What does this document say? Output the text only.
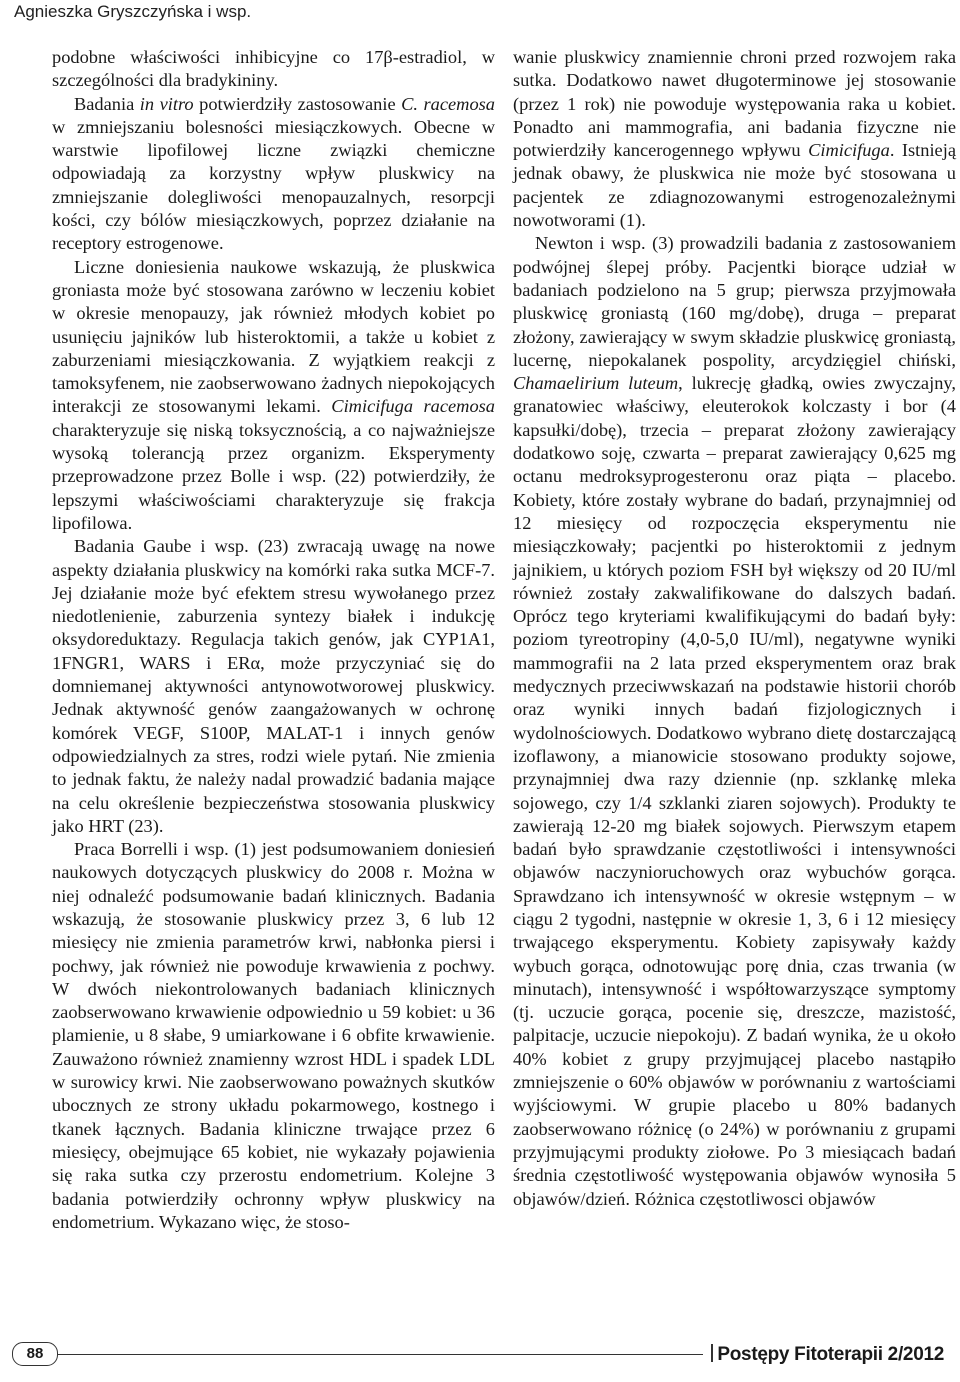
Agnieszka Gryszczyńska i wsp.

podobne właściwości inhibicyjne co 17β-estradiol, w szczególności dla bradykininy.

Badania in vitro potwierdziły zastosowanie C. racemosa w zmniejszaniu bolesności miesiączkowych. Obecne w warstwie lipofilowej liczne związki chemiczne odpowiadają za korzystny wpływ pluskwicy na zmniejszanie dolegliwości menopauzalnych, resorpcji kości, czy bólów miesiączkowych, poprzez działanie na receptory estrogenowe.

Liczne doniesienia naukowe wskazują, że pluskwica groniasta może być stosowana zarówno w leczeniu kobiet w okresie menopauzy, jak również młodych kobiet po usunięciu jajników lub histeroktomii, a także u kobiet z zaburzeniami miesiączkowania. Z wyjątkiem reakcji z tamoksyfenem, nie zaobserwowano żadnych niepokojących interakcji ze stosowanymi lekami. Cimicifuga racemosa charakteryzuje się niską toksycznością, a co najważniejsze wysoką tolerancją przez organizm. Eksperymenty przeprowadzone przez Bolle i wsp. (22) potwierdziły, że lepszymi właściwościami charakteryzuje się frakcja lipofilowa.

Badania Gaube i wsp. (23) zwracają uwagę na nowe aspekty działania pluskwicy na komórki raka sutka MCF-7. Jej działanie może być efektem stresu wywołanego przez niedotlenienie, zaburzenia syntezy białek i indukcję oksydoreduktazy. Regulacja takich genów, jak CYP1A1, 1FNGR1, WARS i ERα, może przyczyniać się do domniemanej aktywności antynowotworowej pluskwicy. Jednak aktywność genów zaangażowanych w ochronę komórek VEGF, S100P, MALAT-1 i innych genów odpowiedzialnych za stres, rodzi wiele pytań. Nie zmienia to jednak faktu, że należy nadal prowadzić badania mające na celu określenie bezpieczeństwa stosowania pluskwicy jako HRT (23).

Praca Borrelli i wsp. (1) jest podsumowaniem doniesień naukowych dotyczących pluskwicy do 2008 r. Można w niej odnaleźć podsumowanie badań klinicznych. Badania wskazują, że stosowanie pluskwicy przez 3, 6 lub 12 miesięcy nie zmienia parametrów krwi, nabłonka piersi i pochwy, jak również nie powoduje krwawienia z pochwy. W dwóch niekontrolowanych badaniach klinicznych zaobserwowano krwawienie odpowiednio u 59 kobiet: u 36 plamienie, u 8 słabe, 9 umiarkowane i 6 obfite krwawienie. Zauważono również znamienny wzrost HDL i spadek LDL w surowicy krwi. Nie zaobserwowano poważnych skutków ubocznych ze strony układu pokarmowego, kostnego i tkanek łącznych. Badania kliniczne trwające przez 6 miesięcy, obejmujące 65 kobiet, nie wykazały pojawienia się raka sutka czy przerostu endometrium. Kolejne 3 badania potwierdziły ochronny wpływ pluskwicy na endometrium. Wykazano więc, że stoso-

wanie pluskwicy znamiennie chroni przed rozwojem raka sutka. Dodatkowo nawet długoterminowe jej stosowanie (przez 1 rok) nie powoduje występowania raka u kobiet. Ponadto ani mammografia, ani badania fizyczne nie potwierdziły kancerogennego wpływu Cimicifuga. Istnieją jednak obawy, że pluskwica nie może być stosowana u pacjentek ze zdiagnozowanymi estrogenozależnymi nowotworami (1).

Newton i wsp. (3) prowadzili badania z zastosowaniem podwójnej ślepej próby. Pacjentki biorące udział w badaniach podzielono na 5 grup; pierwsza przyjmowała pluskwicę groniastą (160 mg/dobę), druga – preparat złożony, zawierający w swym składzie pluskwicę groniastą, lucernę, niepokalanek pospolity, arcydzięgiel chiński, Chamaelirium luteum, lukrecję gładką, owies zwyczajny, granatowiec właściwy, eleuterokok kolczasty i bor (4 kapsułki/dobę), trzecia – preparat złożony zawierający dodatkowo soję, czwarta – preparat zawierający 0,625 mg octanu medroksyprogesteronu oraz piąta – placebo. Kobiety, które zostały wybrane do badań, przynajmniej od 12 miesięcy od rozpoczęcia eksperymentu nie miesiączkowały; pacjentki po histeroktomii z jednym jajnikiem, u których poziom FSH był większy od 20 IU/ml również zostały zakwalifikowane do dalszych badań. Oprócz tego kryteriami kwalifikującymi do badań były: poziom tyreotropiny (4,0-5,0 IU/ml), negatywne wyniki mammografii na 2 lata przed eksperymentem oraz brak medycznych przeciwwskazań na podstawie historii chorób oraz wyniki innych badań fizjologicznych i wydolnościowych. Dodatkowo wybrano dietę dostarczającą izoflawony, a mianowicie stosowano produkty sojowe, przynajmniej dwa razy dziennie (np. szklankę mleka sojowego, czy 1/4 szklanki ziaren sojowych). Produkty te zawierają 12-20 mg białek sojowych. Pierwszym etapem badań było sprawdzanie częstotliwości i intensywności objawów naczynioruchowych oraz wybuchów gorąca. Sprawdzano ich intensywność w okresie wstępnym – w ciągu 2 tygodni, następnie w okresie 1, 3, 6 i 12 miesięcy trwającego eksperymentu. Kobiety zapisywały każdy wybuch gorąca, odnotowując porę dnia, czas trwania (w minutach), intensywność i współtowarzyszące symptomy (tj. uczucie gorąca, pocenie się, dreszcze, mazistość, palpitacje, uczucie niepokoju). Z badań wynika, że u około 40% kobiet z grupy przyjmującej placebo nastąpiło zmniejszenie o 60% objawów w porównaniu z wartościami wyjściowymi. W grupie placebo u 80% badanych zaobserwowano różnicę (o 24%) w porównaniu z grupami przyjmującymi produkty ziołowe. Po 3 miesiącach badań średnia częstotliwość występowania objawów wynosiła 5 objawów/dzień. Różnica częstotliwosci objawów

88	Postępy Fitoterapii 2/2012
